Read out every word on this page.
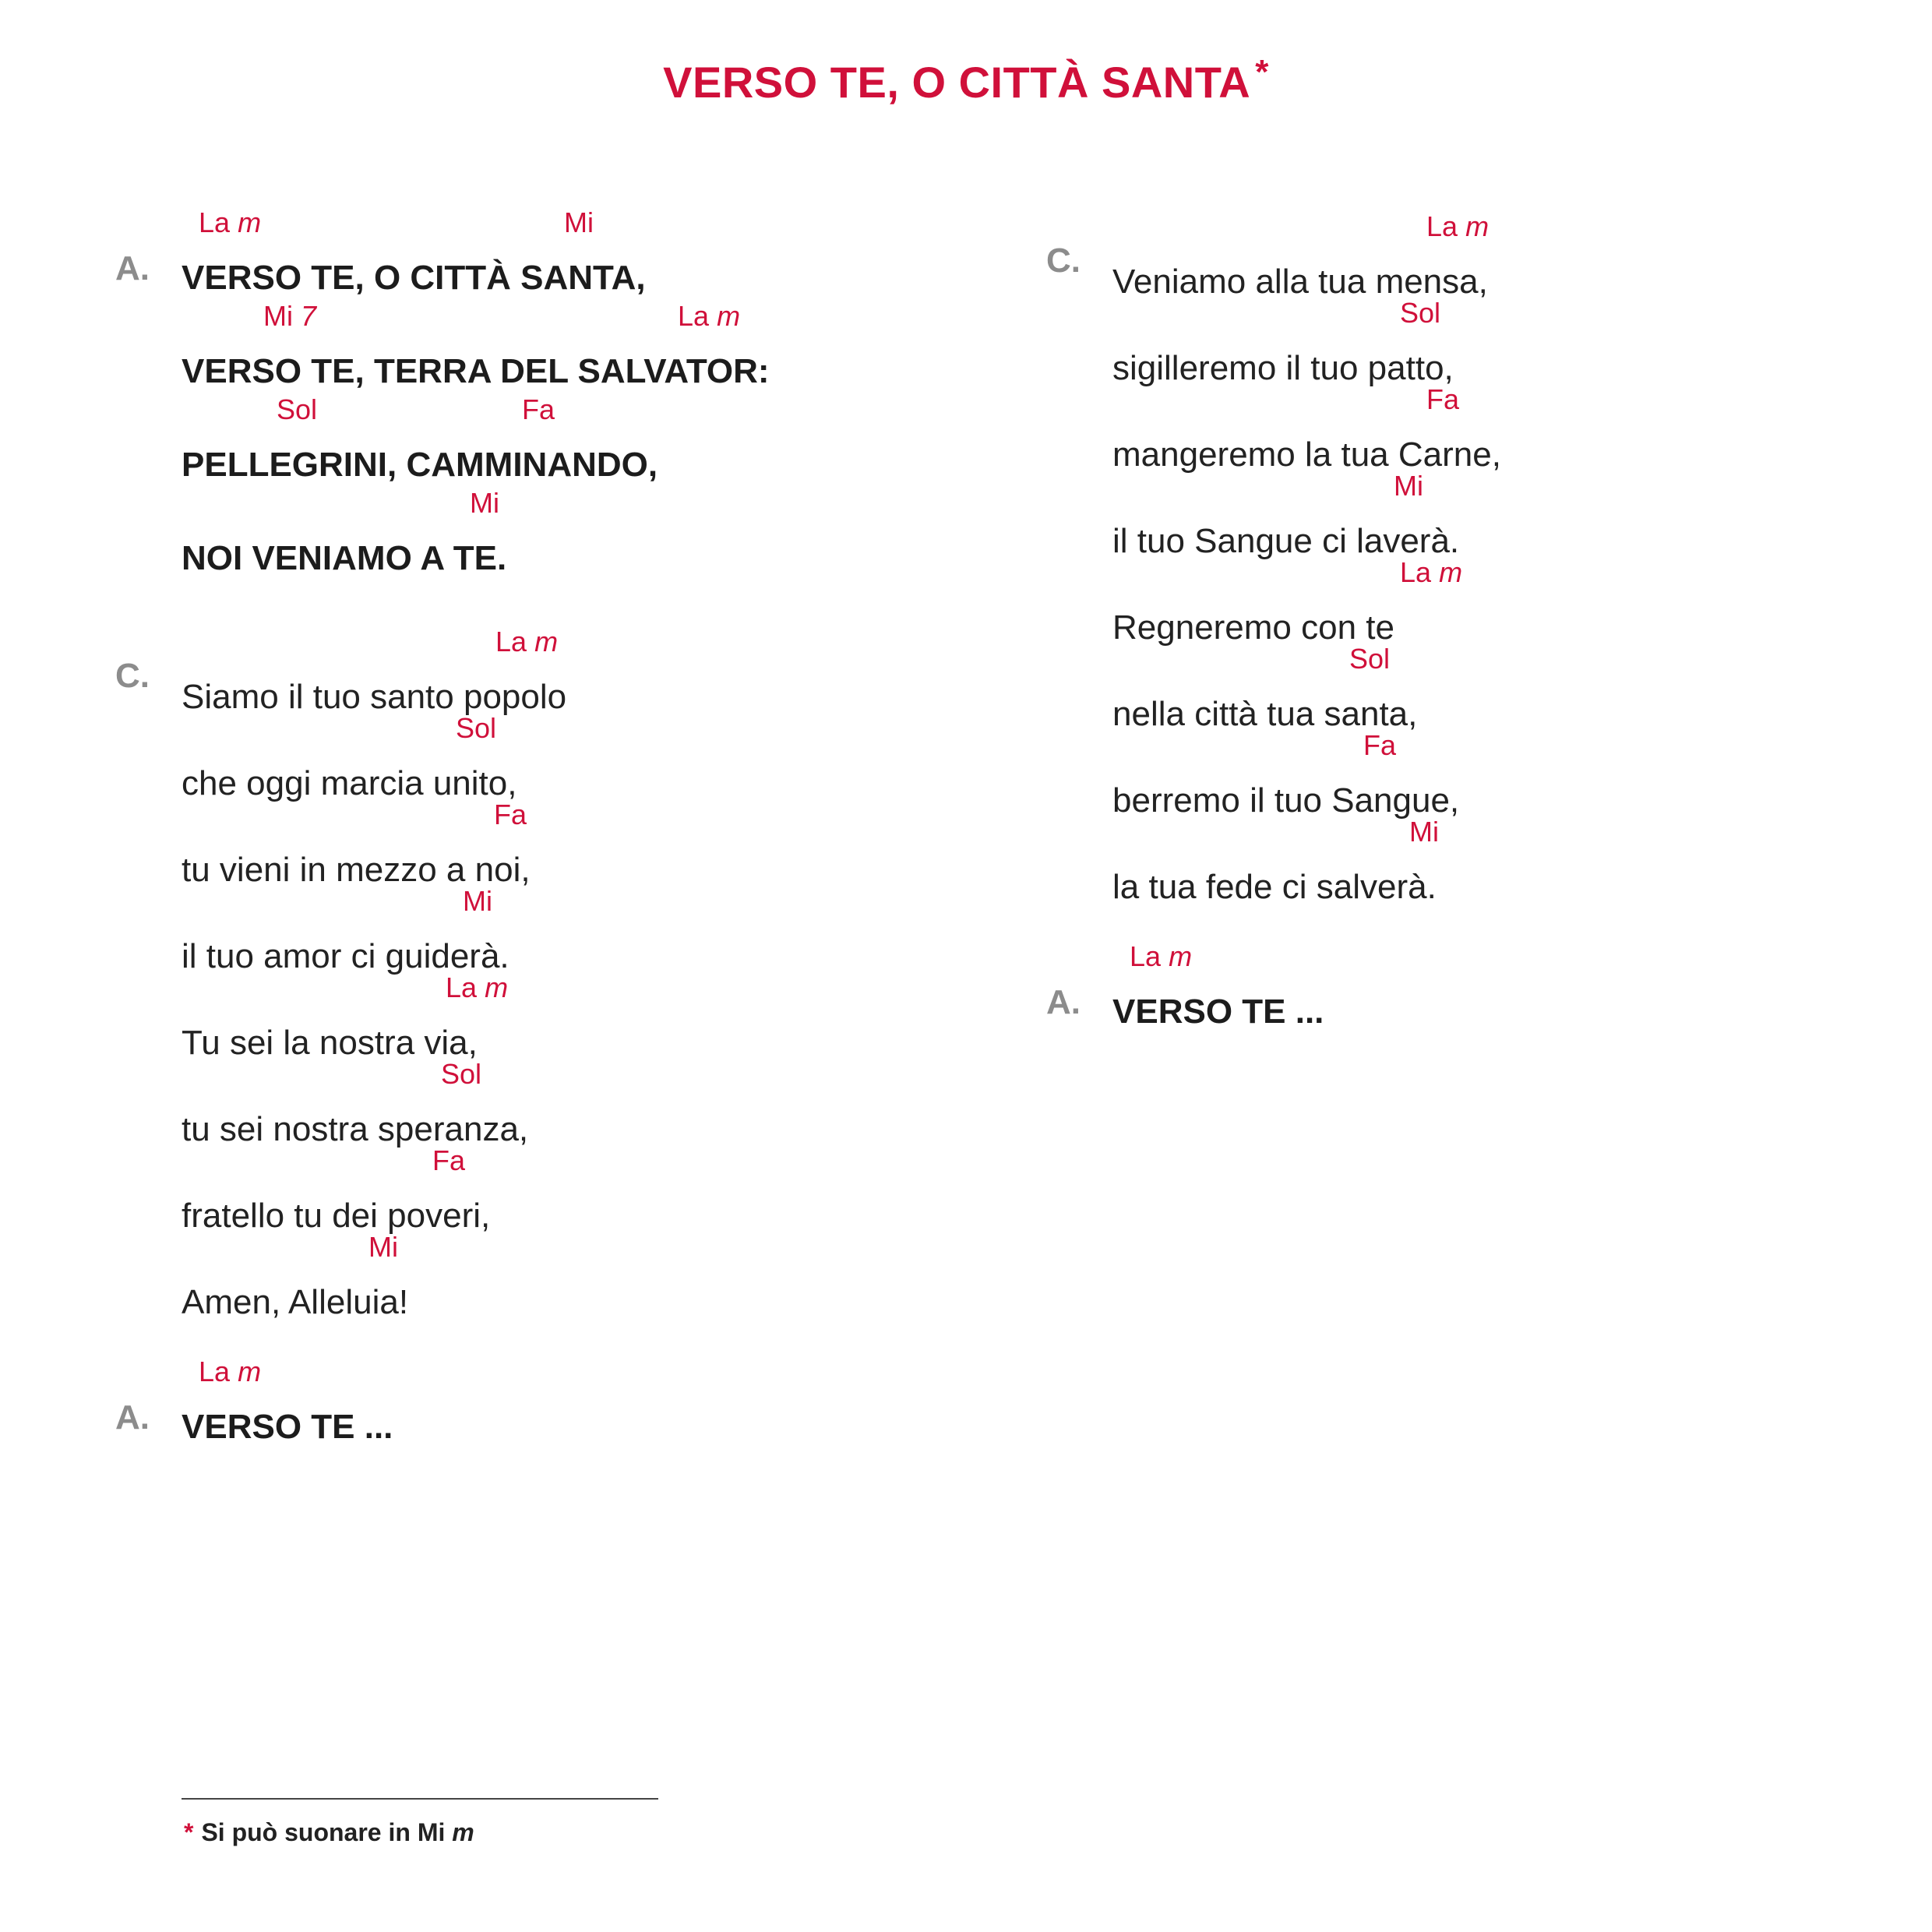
VERSO TE, O CITTÀ SANTA *
A.
La m	Mi
VERSO TE, O CITTÀ SANTA,
Mi 7	La m
VERSO TE, TERRA DEL SALVATOR:
Sol	Fa
PELLEGRINI, CAMMINANDO,
Mi
NOI VENIAMO A TE.
C.
La m
Siamo il tuo santo popolo
Sol
che oggi marcia unito,
Fa
tu vieni in mezzo a noi,
Mi
il tuo amor ci guiderà.
La m
Tu sei la nostra via,
Sol
tu sei nostra speranza,
Fa
fratello tu dei poveri,
Mi
Amen, Alleluia!
A.
La m
VERSO TE ...
C.
La m
Veniamo alla tua mensa,
Sol
sigilleremo il tuo patto,
Fa
mangeremo la tua Carne,
Mi
il tuo Sangue ci laverà.
La m
Regneremo con te
Sol
nella città tua santa,
Fa
berremo il tuo Sangue,
Mi
la tua fede ci salverà.
A.
La m
VERSO TE ...
* Si può suonare in Mi m
